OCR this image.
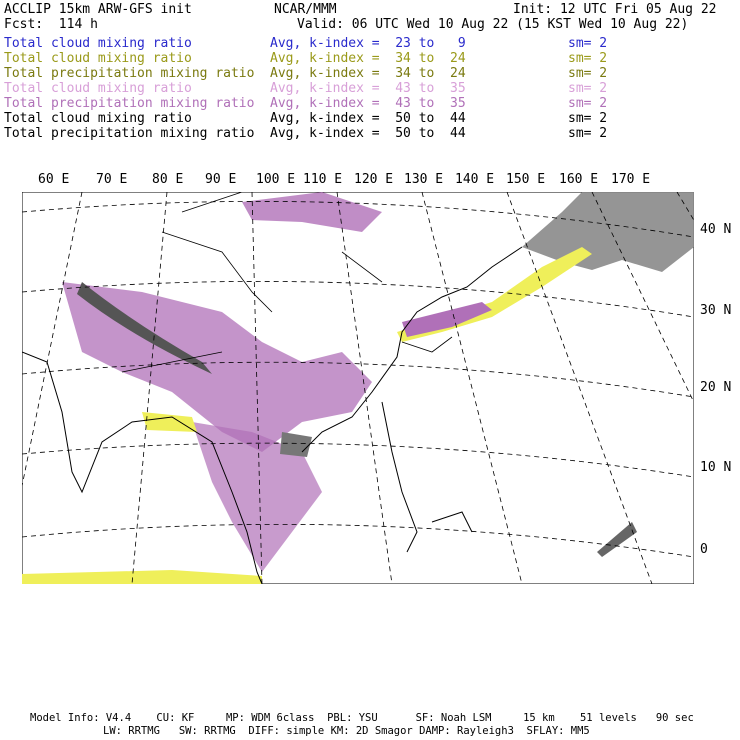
ACCLIP 15km ARW-GFS init	NCAR/MMM	Init: 12 UTC Fri 05 Aug 22
Fcst:  114 h	Valid: 06 UTC Wed 10 Aug 22 (15 KST Wed 10 Aug 22)
Total cloud mixing ratio	Avg, k-index =  23 to   9	sm= 2
Total cloud mixing ratio	Avg, k-index =  34 to  24	sm= 2
Total precipitation mixing ratio Avg, k-index =  34 to  24	sm= 2
Total cloud mixing ratio	Avg, k-index =  43 to  35	sm= 2
Total precipitation mixing ratio Avg, k-index =  43 to  35	sm= 2
Total cloud mixing ratio	Avg, k-index =  50 to  44	sm= 2
Total precipitation mixing ratio Avg, k-index =  50 to  44	sm= 2
60 E 70 E 80 E 90 E 100 E 110 E 120 E 130 E 140 E 150 E 160 E 170 E
40 N
30 N
20 N
10 N
0
Model Info: V4.4    CU: KF     MP: WDM 6class  PBL: YSU      SF: Noah LSM     15 km    51 levels   90 sec
LW: RRTMG   SW: RRTMG  DIFF: simple KM: 2D Smagor DAMP: Rayleigh3  SFLAY: MM5
